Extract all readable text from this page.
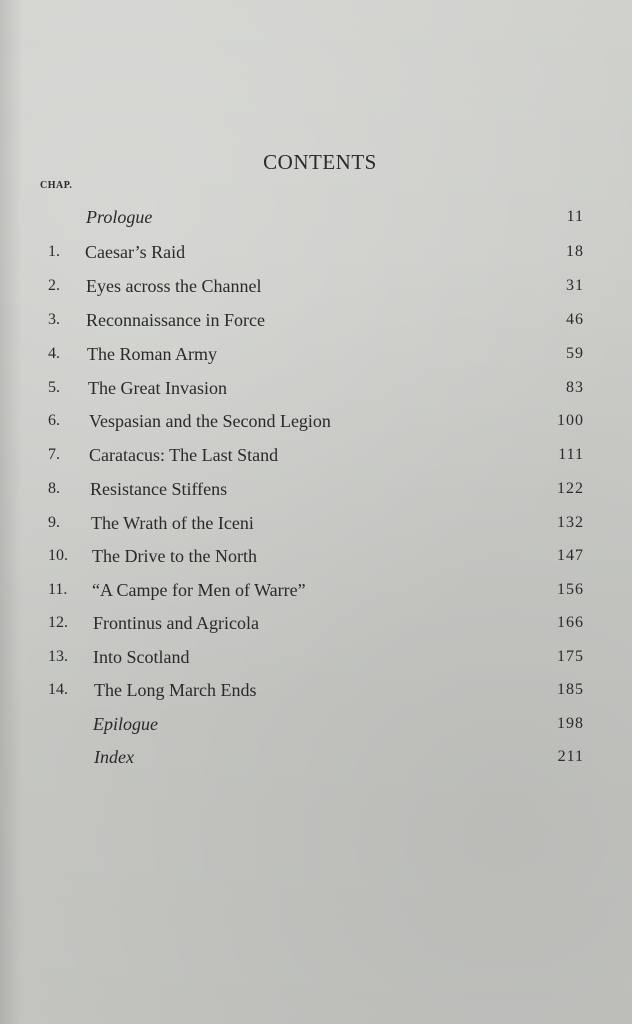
CONTENTS
CHAP.
Prologue	11
1. Caesar’s Raid	18
2. Eyes across the Channel	31
3. Reconnaissance in Force	46
4. The Roman Army	59
5. The Great Invasion	83
6. Vespasian and the Second Legion	100
7. Caratacus: The Last Stand	111
8. Resistance Stiffens	122
9. The Wrath of the Iceni	132
10. The Drive to the North	147
11. “A Campe for Men of Warre”	156
12. Frontinus and Agricola	166
13. Into Scotland	175
14. The Long March Ends	185
Epilogue	198
Index	211
